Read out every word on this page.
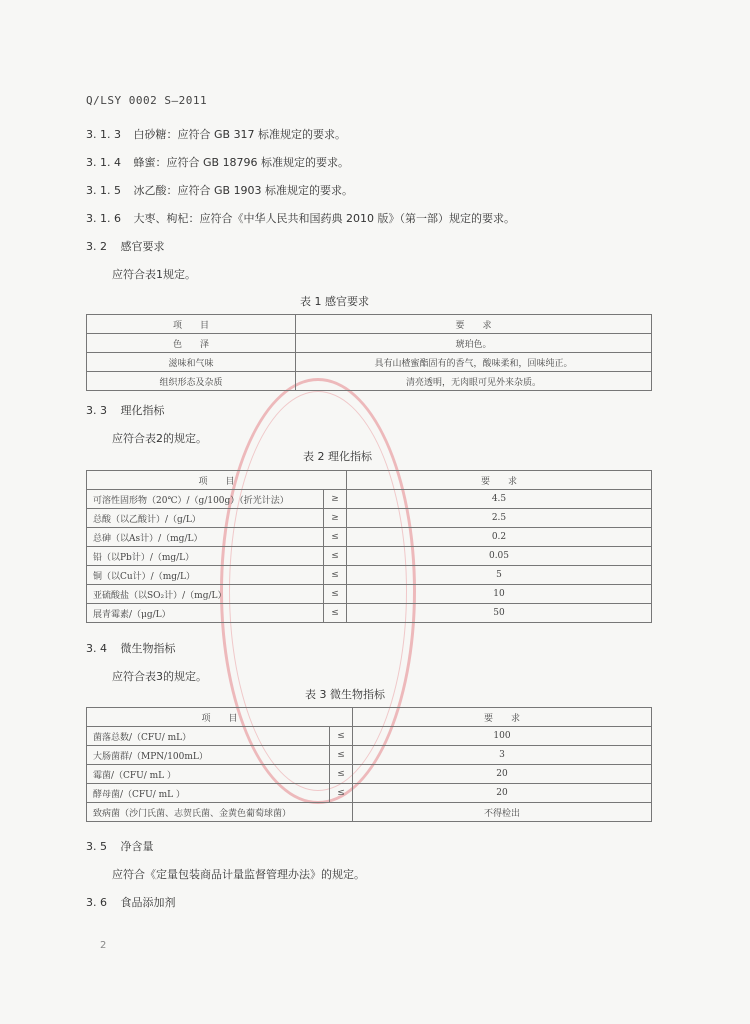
Q/LSY 0002 S—2011
3. 1. 3 白砂糖：应符合 GB 317 标准规定的要求。
3. 1. 4 蜂蜜：应符合 GB 18796 标准规定的要求。
3. 1. 5 冰乙酸：应符合 GB 1903 标准规定的要求。
3. 1. 6 大枣、枸杞：应符合《中华人民共和国药典 2010 版》（第一部）规定的要求。
3. 2 感官要求
应符合表1规定。
表 1 感官要求
项　　目	要　　求
色　　泽	琥珀色。
滋味和气味	具有山楂蜜酯固有的香气，酸味柔和，回味纯正。
组织形态及杂质	清亮透明，无肉眼可见外来杂质。
3. 3 理化指标
应符合表2的规定。
表 2 理化指标
项　　目		要　　求
可溶性固形物（20℃）/（g/100g）（折光计法）	≥	4.5
总酸（以乙酸计）/（g/L）	≥	2.5
总砷（以As计）/（mg/L）	≤	0.2
铅（以Pb计）/（mg/L）	≤	0.05
铜（以Cu计）/（mg/L）	≤	5
亚硫酸盐（以SO₂计）/（mg/L）	≤	10
展青霉素/（μg/L）	≤	50
3. 4 微生物指标
应符合表3的规定。
表 3 微生物指标
项　　目		要　　求
菌落总数/（CFU/ mL）	≤	100
大肠菌群/（MPN/100mL）	≤	3
霉菌/（CFU/ mL ）	≤	20
酵母菌/（CFU/ mL ）	≤	20
致病菌（沙门氏菌、志贺氏菌、金黄色葡萄球菌）		不得检出
3. 5 净含量
应符合《定量包装商品计量监督管理办法》的规定。
3. 6 食品添加剂
2
